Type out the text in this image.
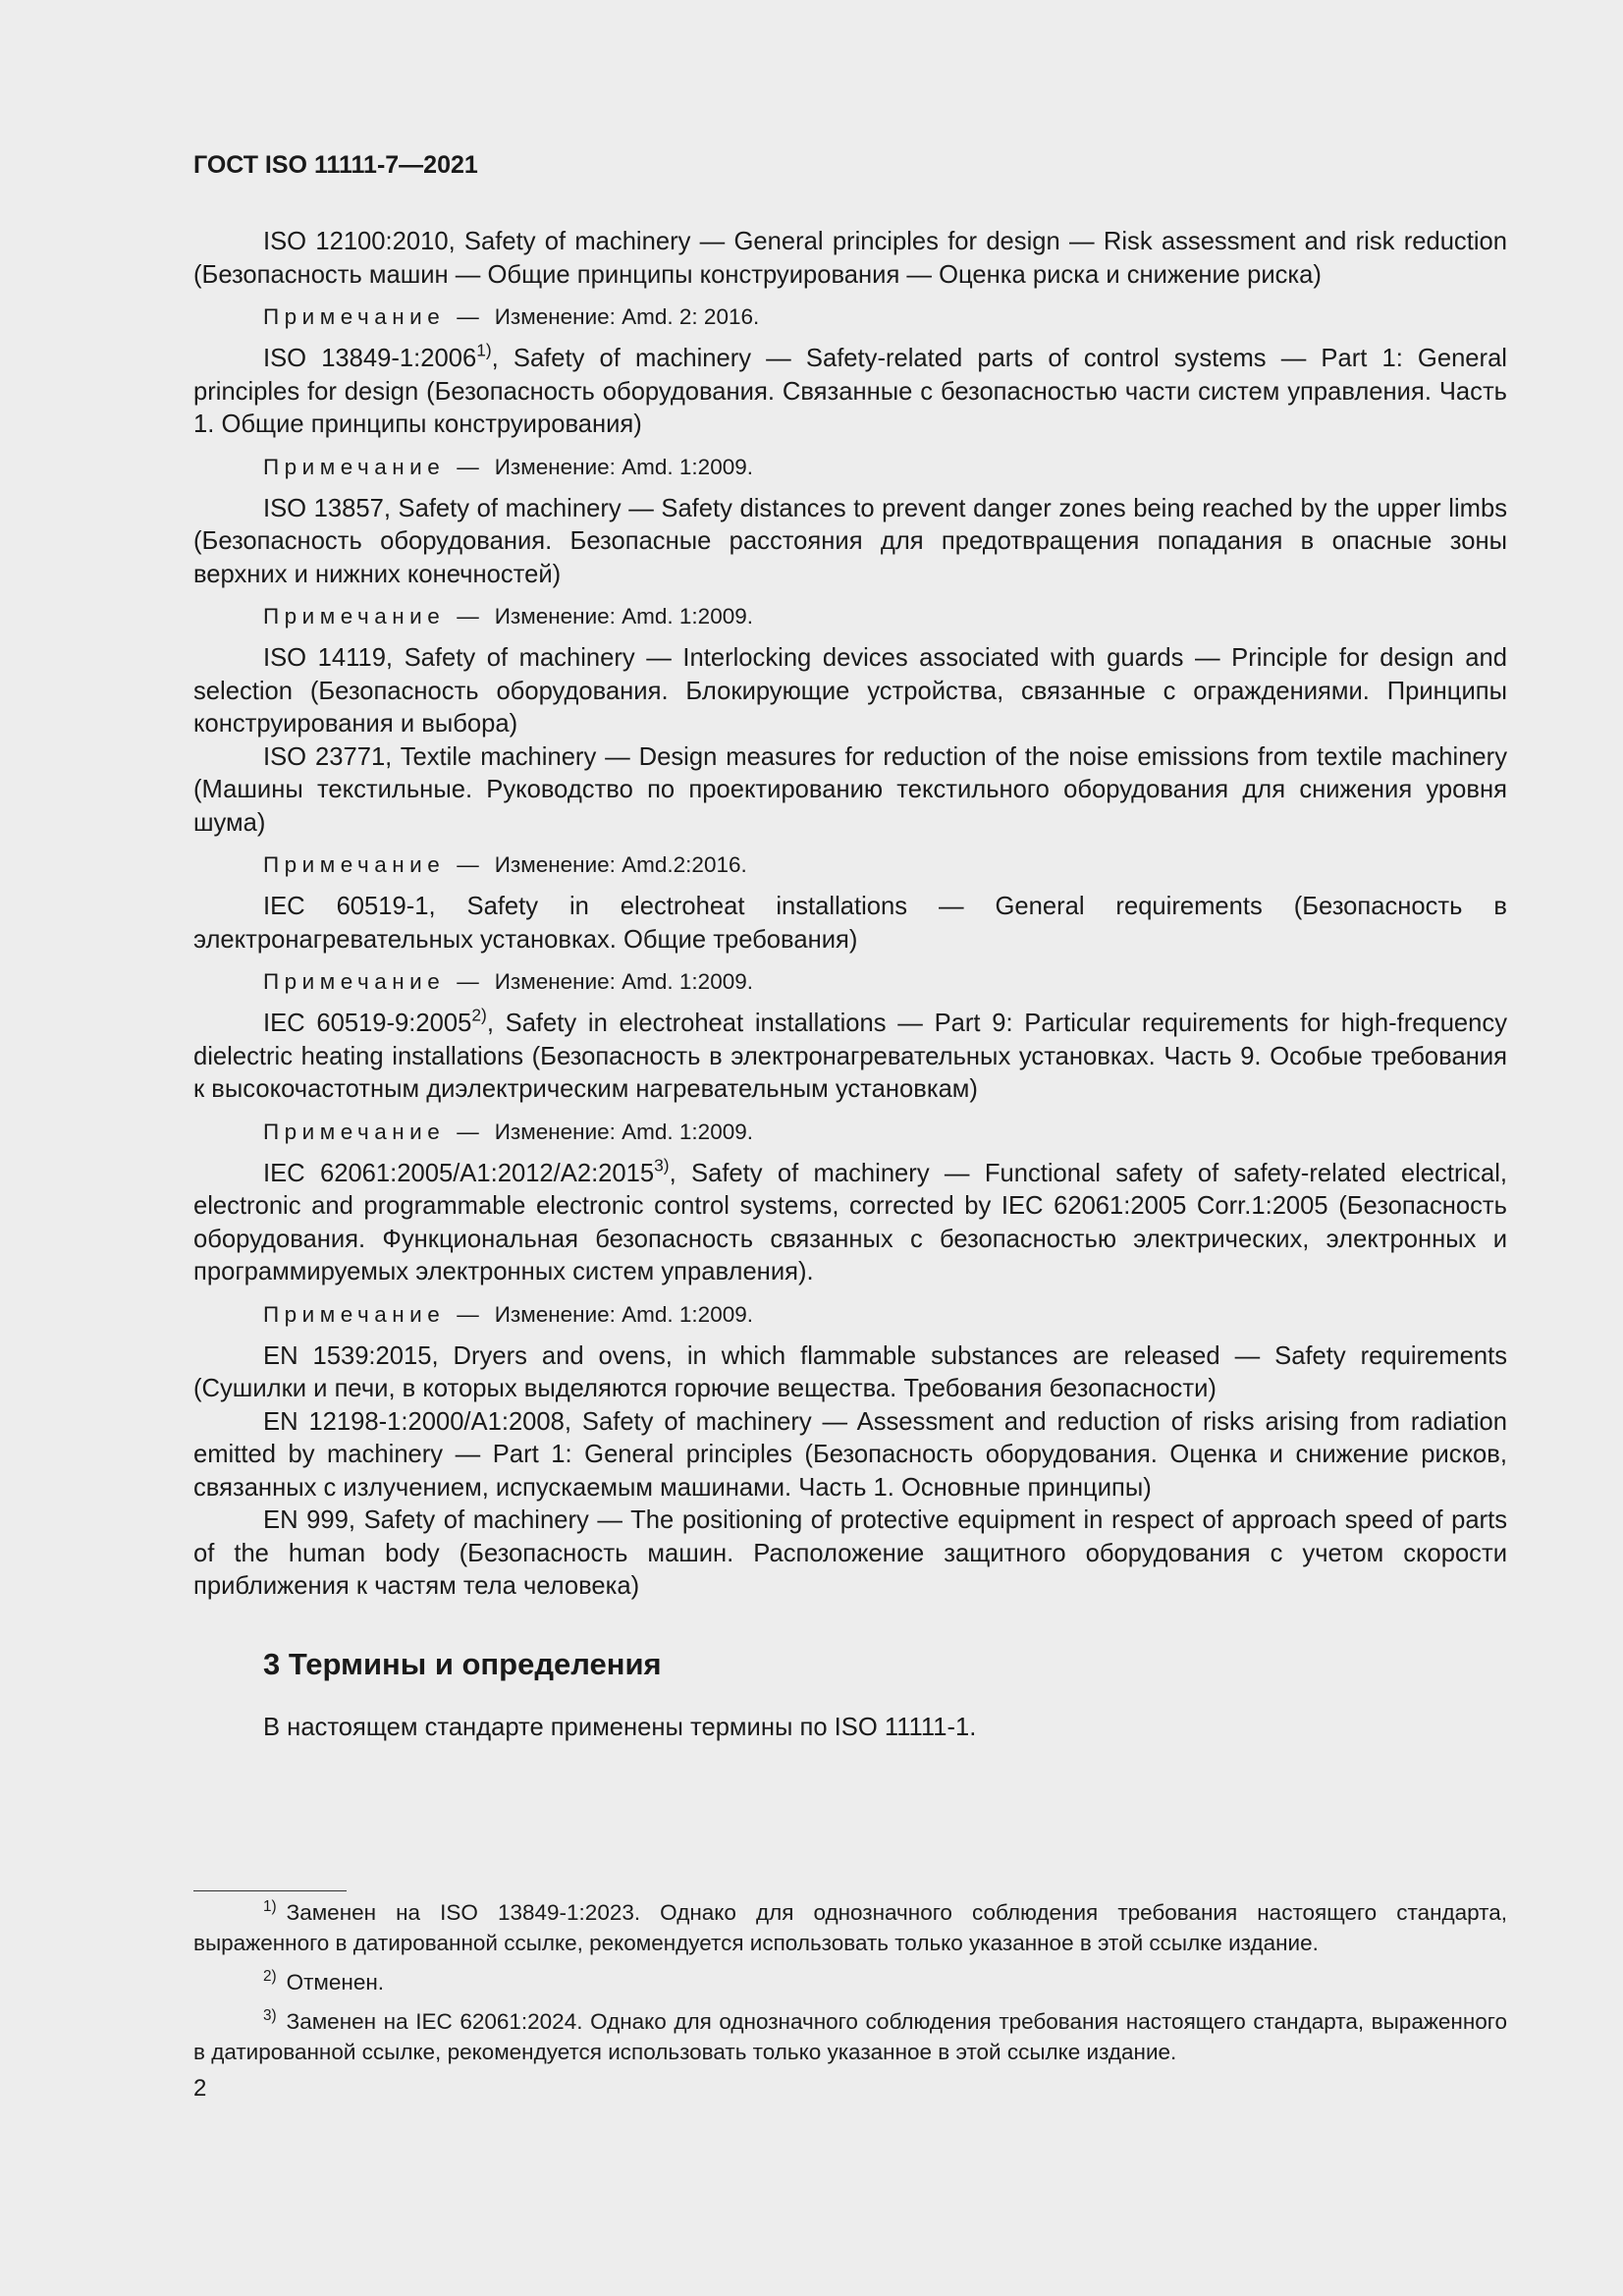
ГОСТ ISO 11111-7—2021

ISO 12100:2010, Safety of machinery — General principles for design — Risk assessment and risk reduction (Безопасность машин — Общие принципы конструирования — Оценка риска и снижение риска)

Примечание — Изменение: Amd. 2: 2016.

ISO 13849-1:2006$^{1)}$, Safety of machinery — Safety-related parts of control systems — Part 1: General principles for design (Безопасность оборудования. Связанные с безопасностью части систем управления. Часть 1. Общие принципы конструирования)

Примечание — Изменение: Amd. 1:2009.

ISO 13857, Safety of machinery — Safety distances to prevent danger zones being reached by the upper limbs (Безопасность оборудования. Безопасные расстояния для предотвращения попадания в опасные зоны верхних и нижних конечностей)

Примечание — Изменение: Amd. 1:2009.

ISO 14119, Safety of machinery — Interlocking devices associated with guards — Principle for design and selection (Безопасность оборудования. Блокирующие устройства, связанные с ограждениями. Принципы конструирования и выбора)

ISO 23771, Textile machinery — Design measures for reduction of the noise emissions from textile machinery (Машины текстильные. Руководство по проектированию текстильного оборудования для снижения уровня шума)

Примечание — Изменение: Amd.2:2016.

IEC 60519-1, Safety in electroheat installations — General requirements (Безопасность в электронагревательных установках. Общие требования)

Примечание — Изменение: Amd. 1:2009.

IEC 60519-9:2005$^{2)}$, Safety in electroheat installations — Part 9: Particular requirements for high-frequency dielectric heating installations (Безопасность в электронагревательных установках. Часть 9. Особые требования к высокочастотным диэлектрическим нагревательным установкам)

Примечание — Изменение: Amd. 1:2009.

IEC 62061:2005/A1:2012/A2:2015$^{3)}$, Safety of machinery — Functional safety of safety-related electrical, electronic and programmable electronic control systems, corrected by IEC 62061:2005 Corr.1:2005 (Безопасность оборудования. Функциональная безопасность связанных с безопасностью электрических, электронных и программируемых электронных систем управления).

Примечание — Изменение: Amd. 1:2009.

EN 1539:2015, Dryers and ovens, in which flammable substances are released — Safety requirements (Сушилки и печи, в которых выделяются горючие вещества. Требования безопасности)

EN 12198-1:2000/A1:2008, Safety of machinery — Assessment and reduction of risks arising from radiation emitted by machinery — Part 1: General principles (Безопасность оборудования. Оценка и снижение рисков, связанных с излучением, испускаемым машинами. Часть 1. Основные принципы)

EN 999, Safety of machinery — The positioning of protective equipment in respect of approach speed of parts of the human body (Безопасность машин. Расположение защитного оборудования с учетом скорости приближения к частям тела человека)

3 Термины и определения

В настоящем стандарте применены термины по ISO 11111-1.

$^{1)}$ Заменен на ISO 13849-1:2023. Однако для однозначного соблюдения требования настоящего стандарта, выраженного в датированной ссылке, рекомендуется использовать только указанное в этой ссылке издание.

$^{2)}$ Отменен.

$^{3)}$ Заменен на IEC 62061:2024. Однако для однозначного соблюдения требования настоящего стандарта, выраженного в датированной ссылке, рекомендуется использовать только указанное в этой ссылке издание.

2
